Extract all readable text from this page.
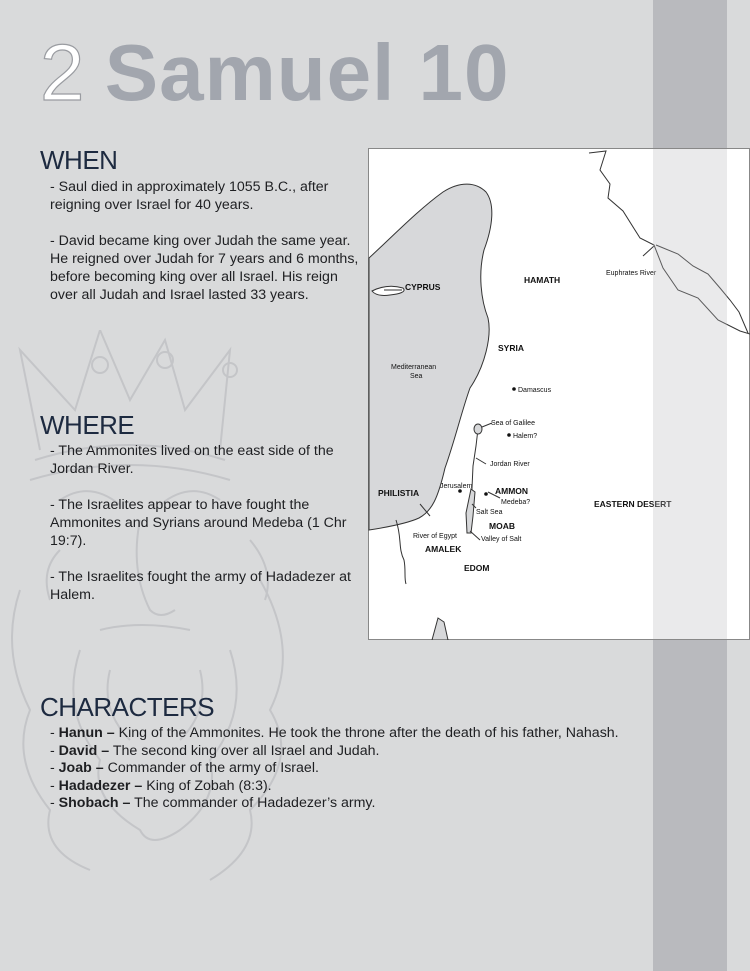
2 Samuel 10
WHEN

- Saul died in approximately 1055 B.C., after reigning over Israel for 40 years.

- David became king over Judah the same year. He reigned over Judah for 7 years and 6 months, before becoming king over all Israel. His reign over all Judah and Israel lasted 33 years.

WHERE

- The Ammonites lived on the east side of the Jordan River.

- The Israelites appear to have fought the Ammonites and Syrians around Medeba (1 Chr 19:7).

- The Israelites fought the army of Hadadezer at Halem.

CHARACTERS

- Hanun – King of the Ammonites. He took the throne after the death of his father, Nahash.

- David – The second king over all Israel and Judah.

- Joab – Commander of the army of Israel.

- Hadadezer – King of Zobah (8:3).

- Shobach – The commander of Hadadezer’s army.

CYPRUS
HAMATH
Euphrates River
SYRIA
Mediterranean
Sea
Damascus
Sea of Galilee
Halem?
Jordan River
PHILISTIA
Jerusalem	AMMON
Medeba?
Salt Sea
MOAB
EASTERN DESERT
River of Egypt	Valley of Salt
AMALEK
EDOM
